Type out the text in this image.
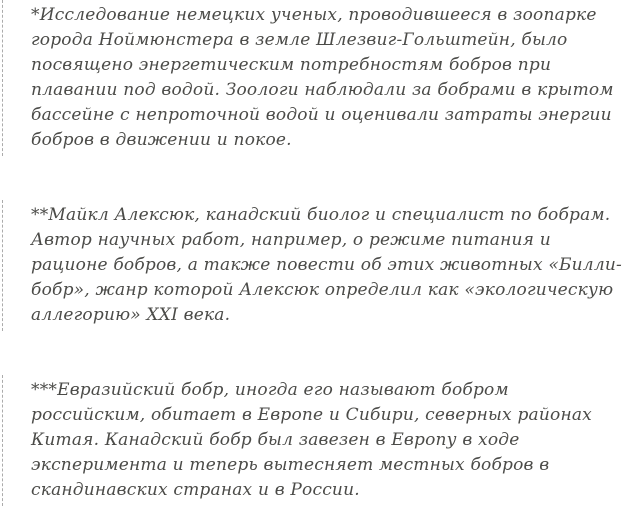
*Исследование немецких ученых, проводившееся в зоопарке города Ноймюнстера в земле Шлезвиг-Гольштейн, было посвящено энергетическим потребностям бобров при плавании под водой. Зоологи наблюдали за бобрами в крытом бассейне с непроточной водой и оценивали затраты энергии бобров в движении и покое.

**Майкл Алексюк, канадский биолог и специалист по бобрам. Автор научных работ, например, о режиме питания и рационе бобров, а также повести об этих животных «Билли-бобр», жанр которой Алексюк определил как «экологическую аллегорию» XXI века.

***Евразийский бобр, иногда его называют бобром российским, обитает в Европе и Сибири, северных районах Китая. Канадский бобр был завезен в Европу в ходе эксперимента и теперь вытесняет местных бобров в скандинавских странах и в России.
